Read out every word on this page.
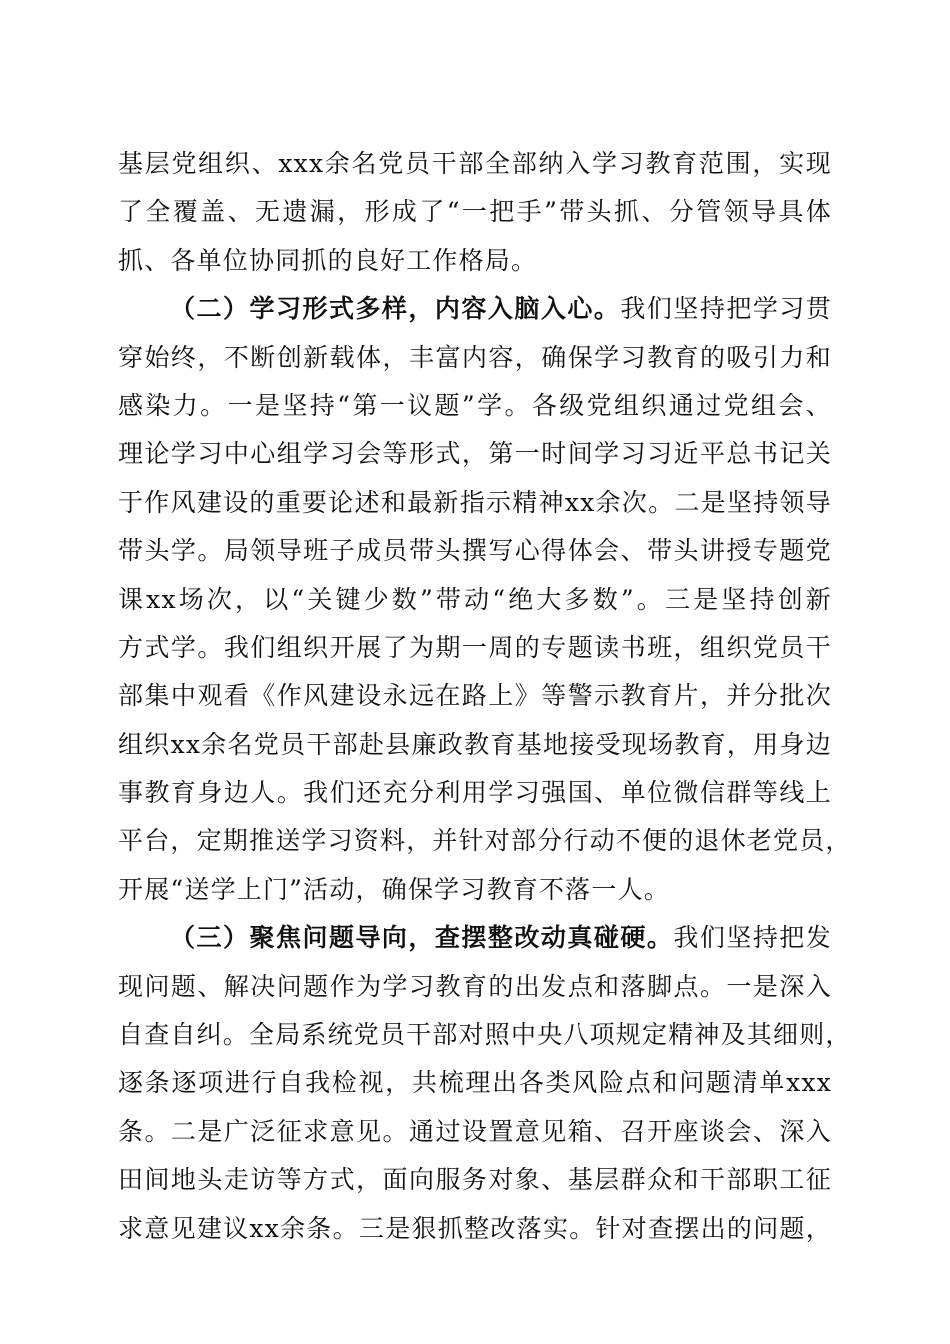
基层党组织、xxx余名党员干部全部纳入学习教育范围，实现
了全覆盖、无遗漏，形成了“一把手”带头抓、分管领导具体
抓、各单位协同抓的良好工作格局。
（二）学习形式多样，内容入脑入心。我们坚持把学习贯
穿始终，不断创新载体，丰富内容，确保学习教育的吸引力和
感染力。一是坚持“第一议题”学。各级党组织通过党组会、
理论学习中心组学习会等形式，第一时间学习习近平总书记关
于作风建设的重要论述和最新指示精神xx余次。二是坚持领导
带头学。局领导班子成员带头撰写心得体会、带头讲授专题党
课xx场次，以“关键少数”带动“绝大多数”。三是坚持创新
方式学。我们组织开展了为期一周的专题读书班，组织党员干
部集中观看《作风建设永远在路上》等警示教育片，并分批次
组织xx余名党员干部赴县廉政教育基地接受现场教育，用身边
事教育身边人。我们还充分利用学习强国、单位微信群等线上
平台，定期推送学习资料，并针对部分行动不便的退休老党员，
开展“送学上门”活动，确保学习教育不落一人。
（三）聚焦问题导向，查摆整改动真碰硬。我们坚持把发
现问题、解决问题作为学习教育的出发点和落脚点。一是深入
自查自纠。全局系统党员干部对照中央八项规定精神及其细则，
逐条逐项进行自我检视，共梳理出各类风险点和问题清单xxx
条。二是广泛征求意见。通过设置意见箱、召开座谈会、深入
田间地头走访等方式，面向服务对象、基层群众和干部职工征
求意见建议xx余条。三是狠抓整改落实。针对查摆出的问题，
